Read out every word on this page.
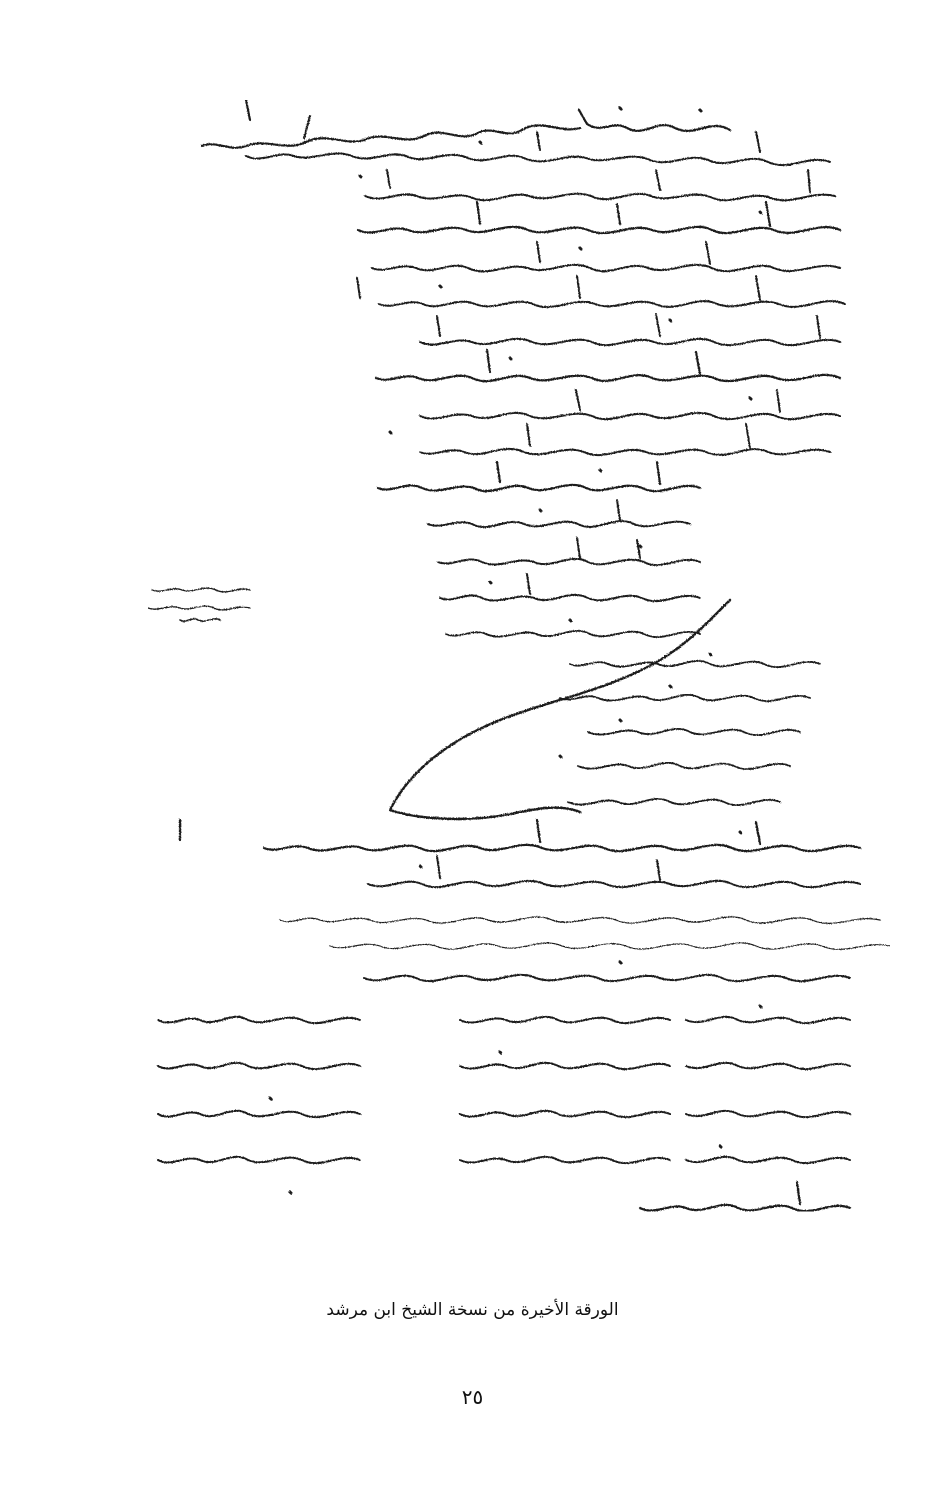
الورقة الأخيرة من نسخة الشيخ ابن مرشد
٢٥
